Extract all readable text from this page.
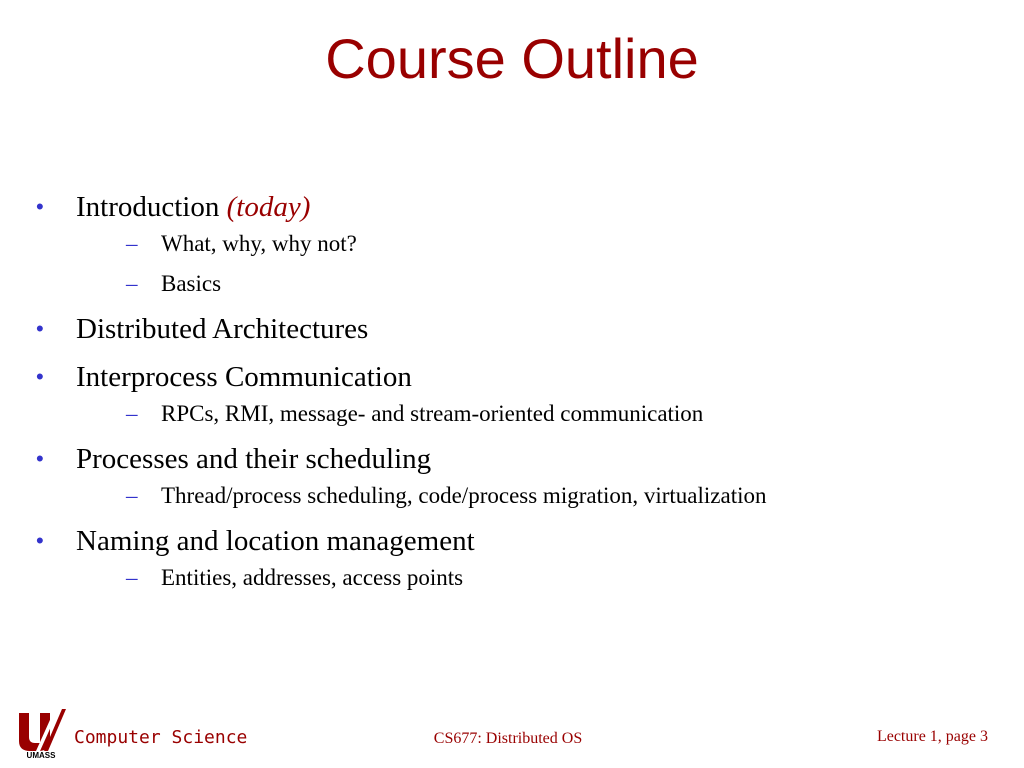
Course Outline
• Introduction (today)
– What, why, why not?
– Basics
• Distributed Architectures
• Interprocess Communication
– RPCs, RMI, message- and stream-oriented communication
• Processes and their scheduling
– Thread/process scheduling, code/process migration, virtualization
• Naming and location management
– Entities, addresses, access points
UMASS
Computer Science	CS677: Distributed OS	Lecture 1, page 3
